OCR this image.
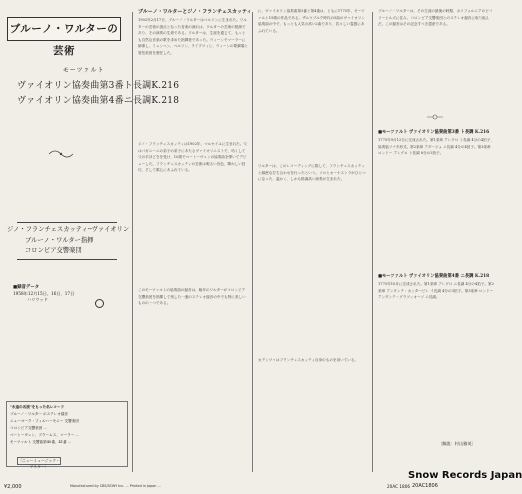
ブルーノ・ワルターの芸術
モーツァルト
ヴァイオリン協奏曲第3番ト長調K.216
ヴァイオリン協奏曲第4番ニ長調K.218
ジノ・フランチェスカッティ─ヴァイオリン
ブルーノ・ワルター指揮
コロンビア交響楽団
■録音データ
1958年12月15日、16日、17日
ハリウッド
"永遠の名演"をもった名レコード
ブルーノ・ワルター のステレオ録音
ニューヨーク・フィルハーモニー 交響楽団
コロンビア交響楽団 ...
ベートーヴェン、ブラームス、マーラー ...
モーツァルト 交響曲第40番、41番 ...
〔ニューミュージック・マスター〕
ブルーノ・ワルターとジノ・フランチェスカッティ
1902年2月17日、ブルーノ・ワルターはベルリンに生まれた。ワルターの芸術の頂点となった音楽の流れは、ワルターの芸術の根源であり、その演奏の生命である。ワルターは、生涯を通じて、もっとも自然な音楽の歌を求めた指揮者であった。ウィーンでマーラーに師事し、ミュンヘン、ベルリン、ライプツィヒ、ウィーンの歌劇場と管弦楽団を歴任した。
ジノ・フランチェスカッティは1902年、マルセイユに生まれた。父はパガニーニの弟子の弟子にあたるヴァイオリニストで、幼くして父の手ほどきを受け、10歳でベートーヴェンの協奏曲を弾いてデビューした。フランチェスカッティの芸術は明るい音色、輝かしい技巧、そして歌心にあふれている。
このモーツァルトの協奏曲の録音は、晩年のワルターがコロンビア交響楽団を指揮して残した一連のステレオ録音の中でも特に美しいものの一つである。
に、ヴァイオリン協奏曲第3番と第4番は、ともに1775年、モーツァルト19歳の作品である。ザルツブルク時代の5曲のヴァイオリン協奏曲の中で、もっとも人気の高い2曲であり、若々しい霊感にあふれている。
ワルターは、このレコーディングに際して、フランチェスカッティと綿密な打ち合わせを行ったという。ソロとオーケストラがひとつになった、温かく、しかも格調高い演奏が生まれた。
カデンツァはフランチェスカッティ自身のものを用いている。
ブルーノ・ワルターは、その生涯の最後の時期、カリフォルニアのビバリーヒルズに住み、コロンビア交響楽団とのステレオ録音に取り組んだ。この録音はその記念すべき遺産である。
■モーツァルト ヴァイオリン協奏曲第3番 ト長調 K.216
1775年9月12日に完成された。第1楽章 アレグロ ト長調 4分の4拍子、協奏風ソナタ形式。第2楽章 アダージョ ニ長調 4分の4拍子。第3楽章 ロンドー アレグロ ト長調 8分の3拍子。
■モーツァルト ヴァイオリン協奏曲第4番 ニ長調 K.218
1775年10月に完成された。第1楽章 アレグロ ニ長調 4分の4拍子。第2楽章 アンダンテ・カンタービレ イ長調 4分の3拍子。第3楽章 ロンドー アンダンテ・グラツィオーソ ニ長調。
〔解説：村山雅英〕
¥2,000	Manufactured by CBS/SONY Inc. ... Printed in Japan ...	20AC 1806
Snow Records Japan
20AC1806
